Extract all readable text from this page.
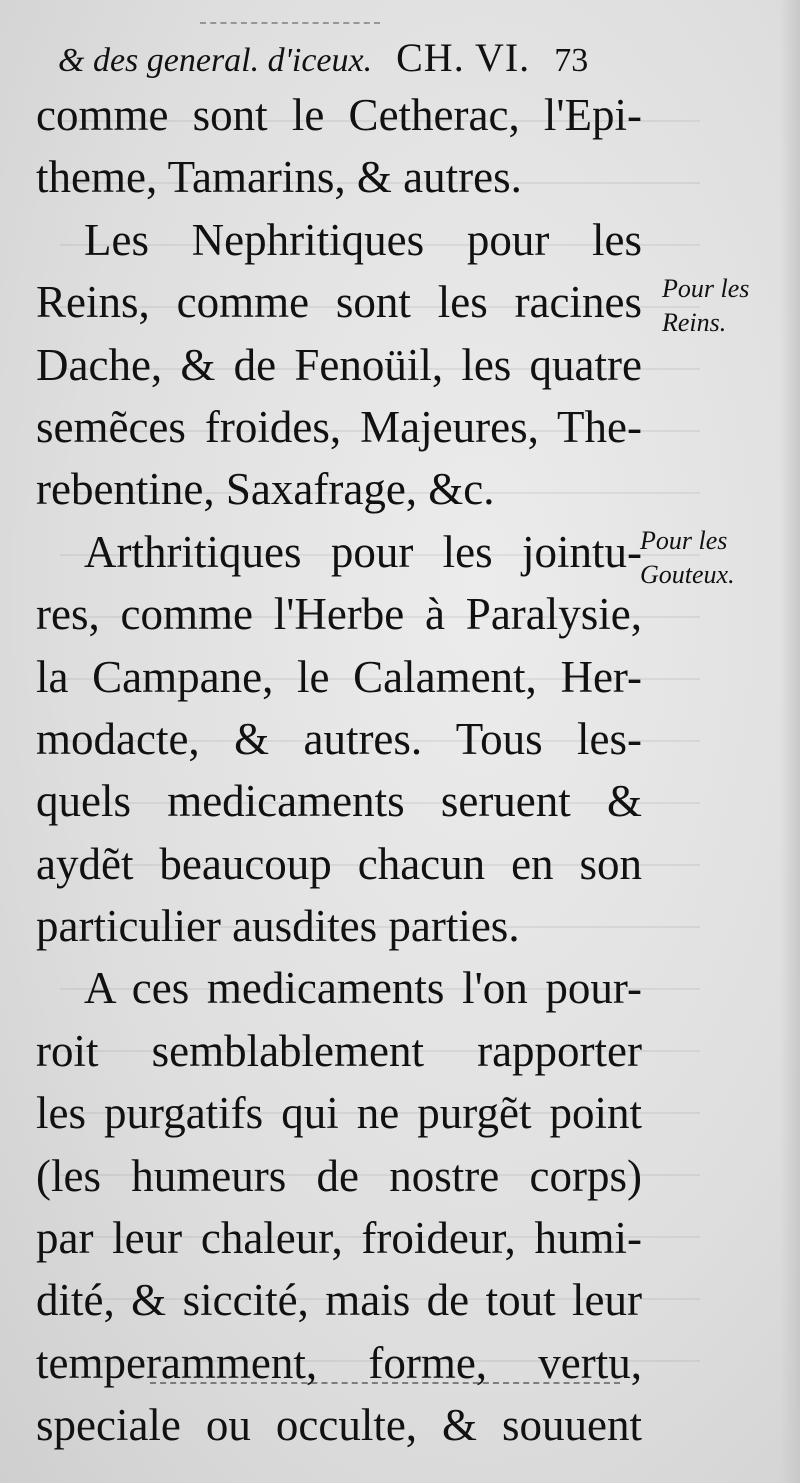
& des general. d'iceux. CH. VI. 73
comme sont le Cetherac, l'Epi-
theme, Tamarins, & autres.
Les Nephritiques pour les
Reins, comme sont les racines
Dache, & de Fenoüil, les quatre
semẽces froides, Majeures, The-
rebentine, Saxafrage, &c.
Arthritiques pour les jointu-
res, comme l'Herbe à Paralysie,
la Campane, le Calament, Her-
modacte, & autres. Tous les-
quels medicaments seruent &
aydẽt beaucoup chacun en son
particulier ausdites parties.
A ces medicaments l'on pour-
roit semblablement rapporter
les purgatifs qui ne purgẽt point
(les humeurs de nostre corps)
par leur chaleur, froideur, humi-
dité, & siccité, mais de tout leur
temperamment, forme, vertu,
speciale ou occulte, & souuent
Pour les
Reins.
Pour les
Gouteux.
